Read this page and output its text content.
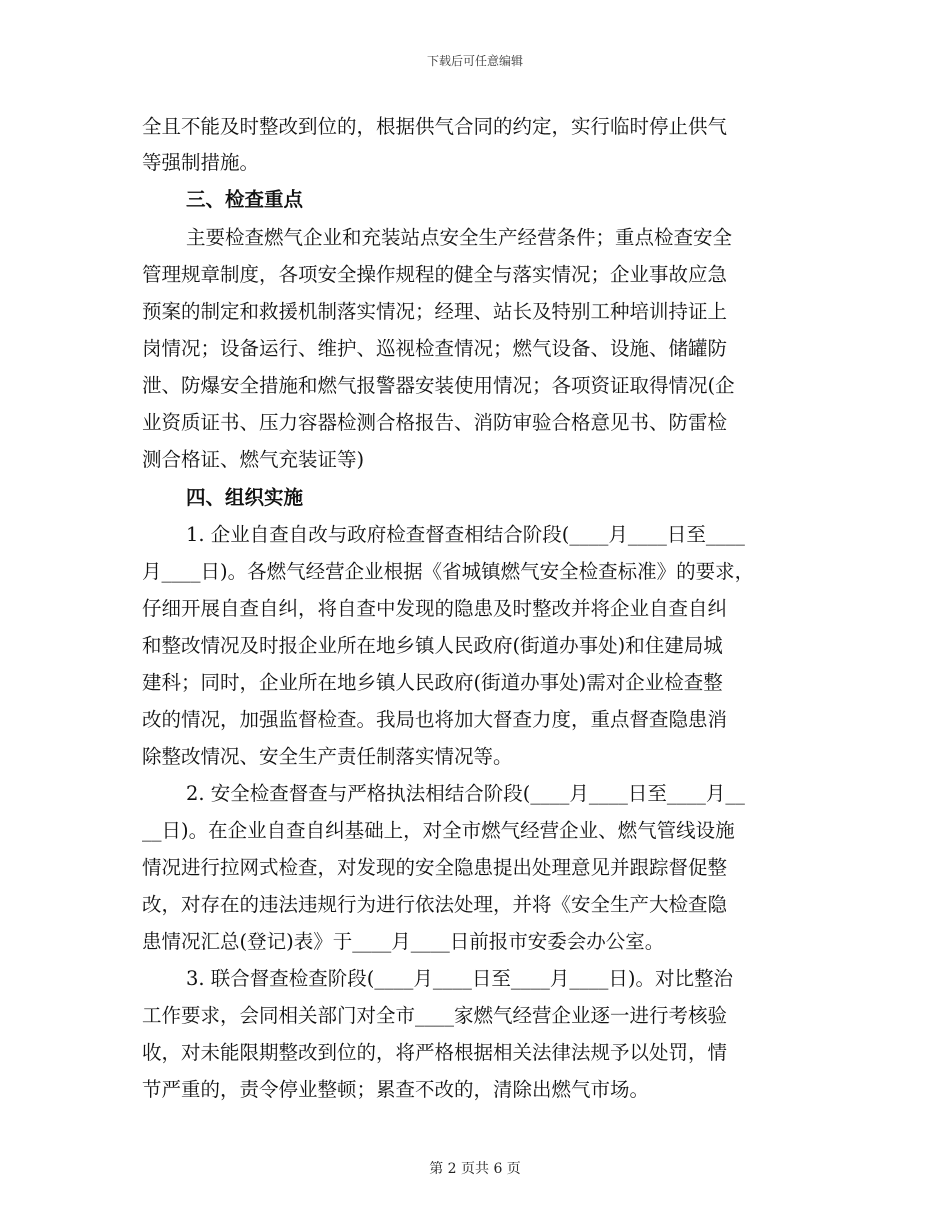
下载后可任意编辑
全且不能及时整改到位的，根据供气合同的约定，实行临时停止供气
等强制措施。
三、检查重点
主要检查燃气企业和充装站点安全生产经营条件；重点检查安全
管理规章制度，各项安全操作规程的健全与落实情况；企业事故应急
预案的制定和救援机制落实情况；经理、站长及特别工种培训持证上
岗情况；设备运行、维护、巡视检查情况；燃气设备、设施、储罐防
泄、防爆安全措施和燃气报警器安装使用情况；各项资证取得情况(企
业资质证书、压力容器检测合格报告、消防审验合格意见书、防雷检
测合格证、燃气充装证等)
四、组织实施
1. 企业自查自改与政府检查督查相结合阶段(____月____日至____
月____日)。各燃气经营企业根据《省城镇燃气安全检查标准》的要求，
仔细开展自查自纠，将自查中发现的隐患及时整改并将企业自查自纠
和整改情况及时报企业所在地乡镇人民政府(街道办事处)和住建局城
建科；同时，企业所在地乡镇人民政府(街道办事处)需对企业检查整
改的情况，加强监督检查。我局也将加大督查力度，重点督查隐患消
除整改情况、安全生产责任制落实情况等。
2. 安全检查督查与严格执法相结合阶段(____月____日至____月__
__日)。在企业自查自纠基础上，对全市燃气经营企业、燃气管线设施
情况进行拉网式检查，对发现的安全隐患提出处理意见并跟踪督促整
改，对存在的违法违规行为进行依法处理，并将《安全生产大检查隐
患情况汇总(登记)表》于____月____日前报市安委会办公室。
3. 联合督查检查阶段(____月____日至____月____日)。对比整治
工作要求，会同相关部门对全市____家燃气经营企业逐一进行考核验
收，对未能限期整改到位的，将严格根据相关法律法规予以处罚，情
节严重的，责令停业整顿；累查不改的，清除出燃气市场。
第 2 页共 6 页
